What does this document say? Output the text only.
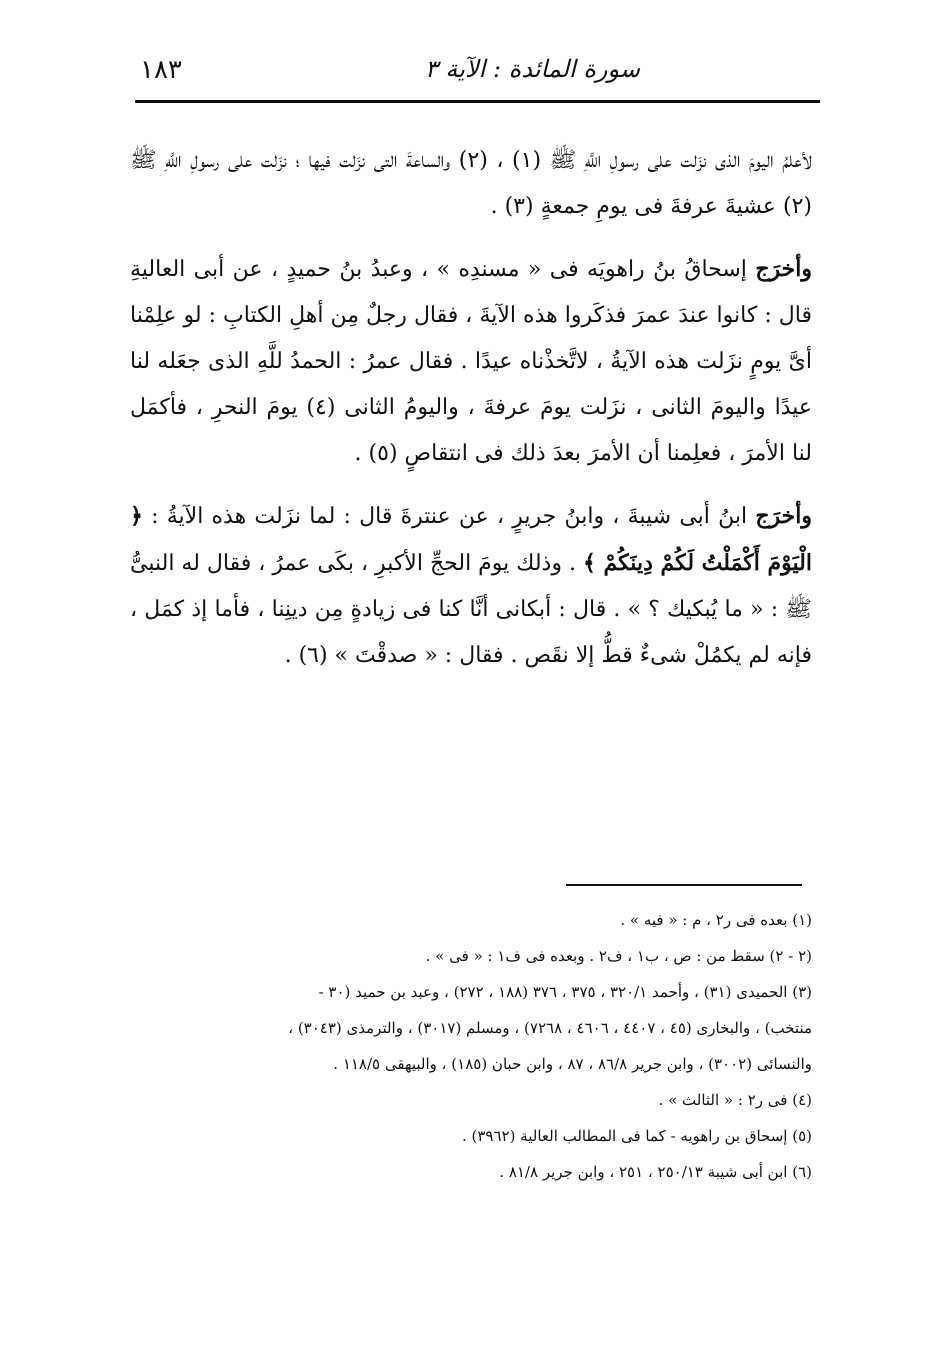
سورة المائدة : الآية ٣
١٨٣

لأعلمُ اليومَ الذى نزَلت على رسولِ اللَّهِ ﷺ (١) ، (٢) والساعةَ التى نزَلت فيها ؛ نزَلت على رسولِ اللَّهِ ﷺ (٢) عشيةَ عرفةَ فى يومِ جمعةٍ (٣) .

وأخرَج إسحاقُ بنُ راهويَه فى « مسندِه » ، وعبدُ بنُ حميدٍ ، عن أبى العاليةِ قال : كانوا عندَ عمرَ فذكَروا هذه الآيةَ ، فقال رجلٌ مِن أهلِ الكتابِ : لو علِمْنا أىَّ يومٍ نزَلت هذه الآيةُ ، لاتَّخذْناه عيدًا . فقال عمرُ : الحمدُ للَّهِ الذى جعَله لنا عيدًا واليومَ الثانى ، نزَلت يومَ عرفةَ ، واليومُ الثانى (٤) يومَ النحرِ ، فأكمَل لنا الأمرَ ، فعلِمنا أن الأمرَ بعدَ ذلك فى انتقاصٍ (٥) .

وأخرَج ابنُ أبى شيبةَ ، وابنُ جريرٍ ، عن عنترةَ قال : لما نزَلت هذه الآيةُ : ﴿ الْيَوْمَ أَكْمَلْتُ لَكُمْ دِينَكُمْ ﴾ . وذلك يومَ الحجِّ الأكبرِ ، بكَى عمرُ ، فقال له النبىُّ ﷺ : « ما يُبكيك ؟ » . قال : أبكانى أنَّا كنا فى زيادةٍ مِن دينِنا ، فأما إذ كمَل ، فإنه لم يكمُلْ شىءٌ قطُّ إلا نقَص . فقال : « صدقْتَ » (٦) .

(١) بعده فى ر٢ ، م : « فيه » .

(٢ - ٢) سقط من : ص ، ب١ ، ف٢ . وبعده فى ف١ : « فى » .

(٣) الحميدى (٣١) ، وأحمد ٣٢٠/١ ، ٣٧٥ ، ٣٧٦ (١٨٨ ، ٢٧٢) ، وعبد بن حميد (٣٠ -

منتخب) ، والبخارى (٤٥ ، ٤٤٠٧ ، ٤٦٠٦ ، ٧٢٦٨) ، ومسلم (٣٠١٧) ، والترمذى (٣٠٤٣) ،

والنسائى (٣٠٠٢) ، وابن جرير ٨٦/٨ ، ٨٧ ، وابن حبان (١٨٥) ، والبيهقى ١١٨/٥ .

(٤) فى ر٢ : « الثالث » .

(٥) إسحاق بن راهويه - كما فى المطالب العالية (٣٩٦٢) .

(٦) ابن أبى شيبة ٢٥٠/١٣ ، ٢٥١ ، وابن جرير ٨١/٨ .
